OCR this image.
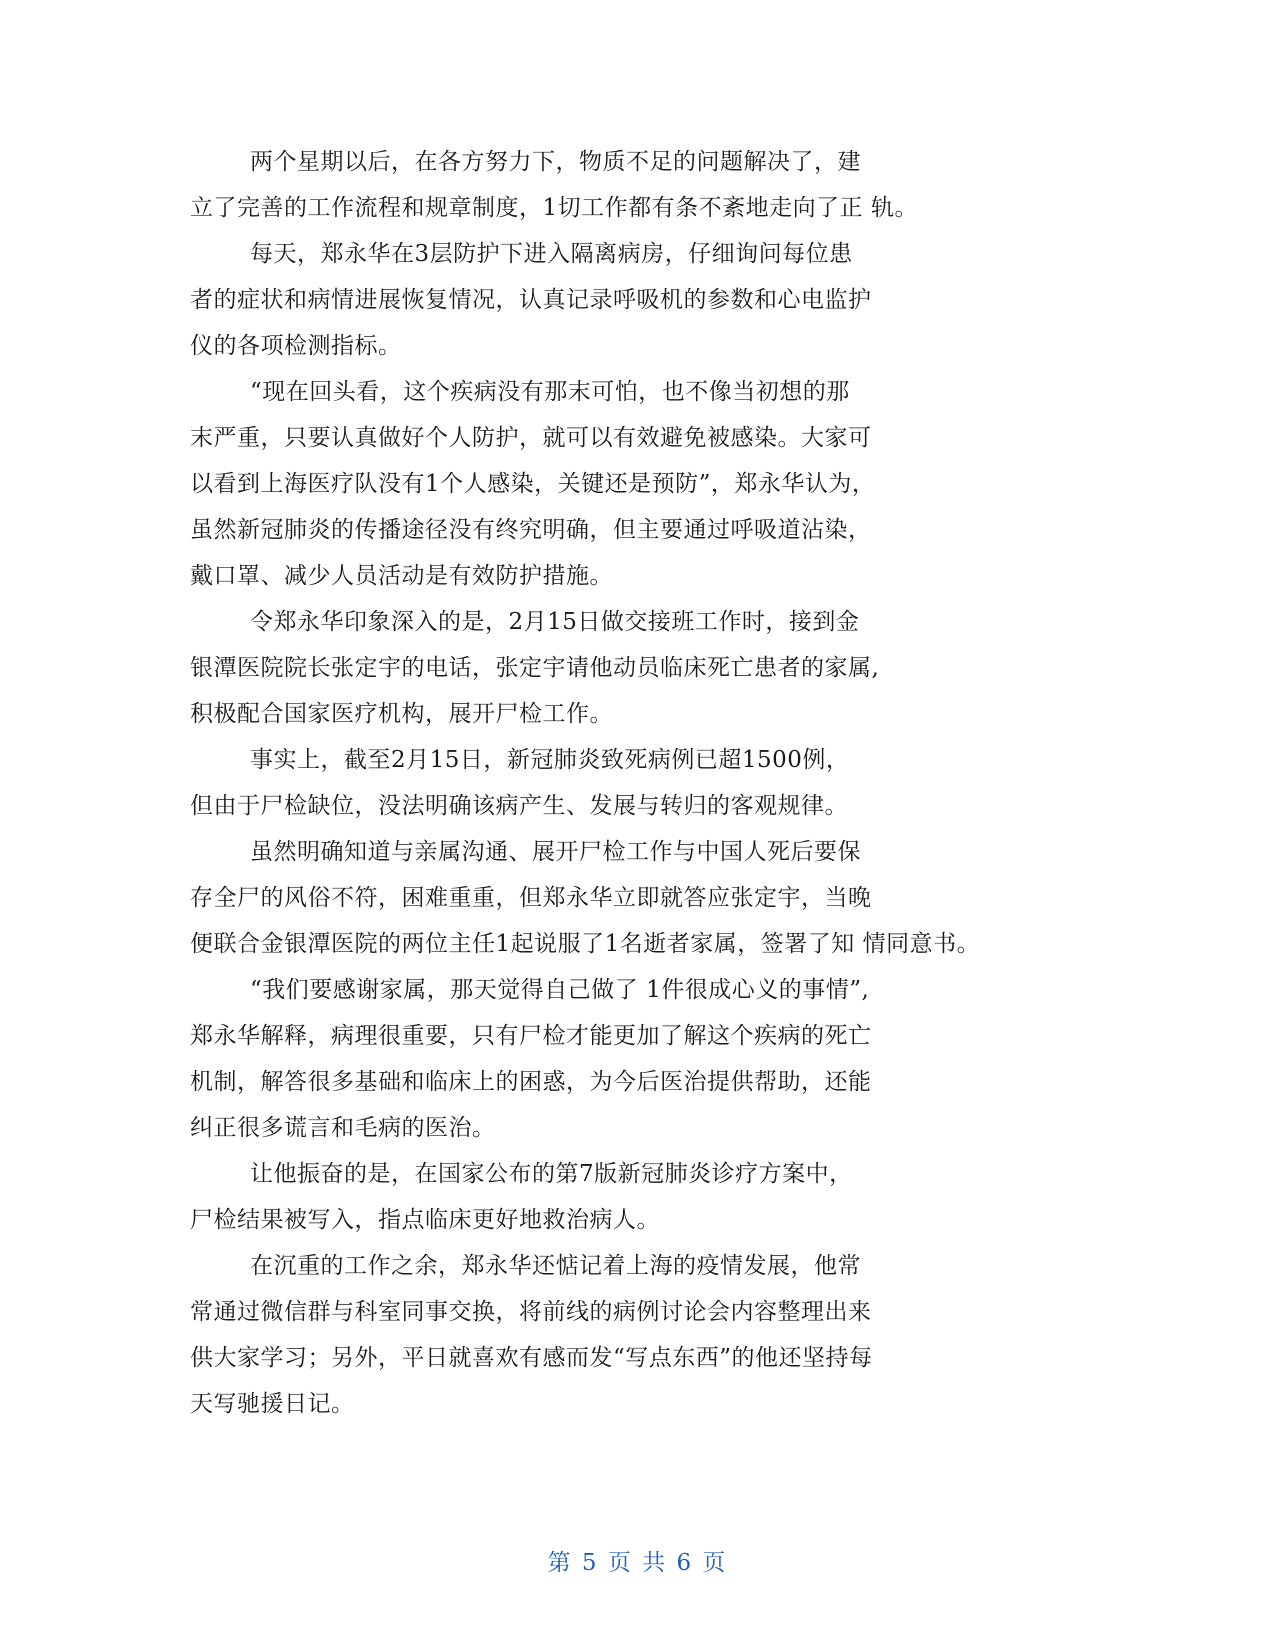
两个星期以后，在各方努力下，物质不足的问题解决了，建
立了完善的工作流程和规章制度，1切工作都有条不紊地走向了正 轨。
每天，郑永华在3层防护下进入隔离病房，仔细询问每位患
者的症状和病情进展恢复情况，认真记录呼吸机的参数和心电监护
仪的各项检测指标。
“现在回头看，这个疾病没有那末可怕，也不像当初想的那
末严重，只要认真做好个人防护，就可以有效避免被感染。大家可
以看到上海医疗队没有1个人感染，关键还是预防”，郑永华认为，
虽然新冠肺炎的传播途径没有终究明确，但主要通过呼吸道沾染，
戴口罩、减少人员活动是有效防护措施。
令郑永华印象深入的是，2月15日做交接班工作时，接到金
银潭医院院长张定宇的电话，张定宇请他动员临床死亡患者的家属,
积极配合国家医疗机构，展开尸检工作。
事实上，截至2月15日，新冠肺炎致死病例已超1500例，
但由于尸检缺位，没法明确该病产生、发展与转归的客观规律。
虽然明确知道与亲属沟通、展开尸检工作与中国人死后要保
存全尸的风俗不符，困难重重，但郑永华立即就答应张定宇，当晚
便联合金银潭医院的两位主任1起说服了1名逝者家属，签署了知 情同意书。
“我们要感谢家属，那天觉得自己做了 1件很成心义的事情”,
郑永华解释，病理很重要，只有尸检才能更加了解这个疾病的死亡
机制，解答很多基础和临床上的困惑，为今后医治提供帮助，还能
纠正很多谎言和毛病的医治。
让他振奋的是，在国家公布的第7版新冠肺炎诊疗方案中，
尸检结果被写入，指点临床更好地救治病人。
在沉重的工作之余，郑永华还惦记着上海的疫情发展，他常
常通过微信群与科室同事交换，将前线的病例讨论会内容整理出来
供大家学习；另外，平日就喜欢有感而发“写点东西”的他还坚持每
天写驰援日记。
第 5 页 共 6 页
